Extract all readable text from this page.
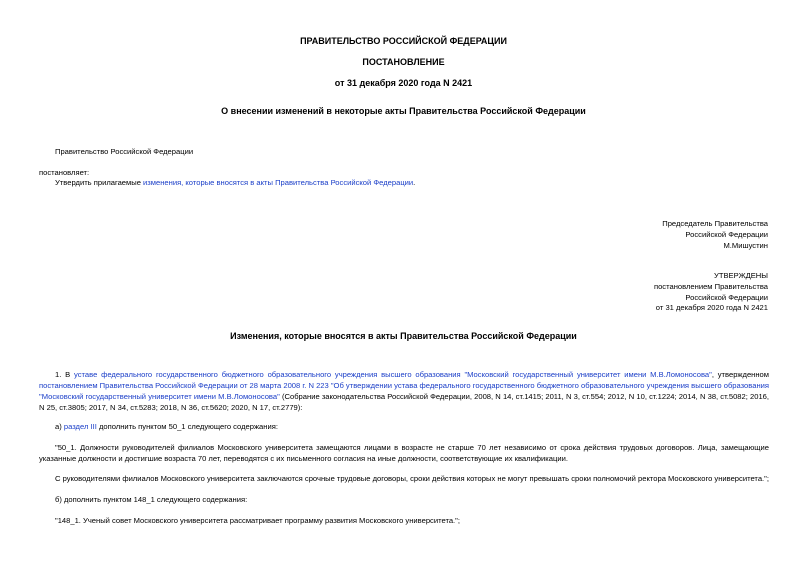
ПРАВИТЕЛЬСТВО РОССИЙСКОЙ ФЕДЕРАЦИИ
ПОСТАНОВЛЕНИЕ
от 31 декабря 2020 года N 2421
О внесении изменений в некоторые акты Правительства Российской Федерации
Правительство Российской Федерации
постановляет:
Утвердить прилагаемые изменения, которые вносятся в акты Правительства Российской Федерации.
Председатель Правительства
Российской Федерации
М.Мишустин
УТВЕРЖДЕНЫ
постановлением Правительства
Российской Федерации
от 31 декабря 2020 года N 2421
Изменения, которые вносятся в акты Правительства Российской Федерации
1. В уставе федерального государственного бюджетного образовательного учреждения высшего образования "Московский государственный университет имени М.В.Ломоносова", утвержденном постановлением Правительства Российской Федерации от 28 марта 2008 г. N 223 "Об утверждении устава федерального государственного бюджетного образовательного учреждения высшего образования "Московский государственный университет имени М.В.Ломоносова" (Собрание законодательства Российской Федерации, 2008, N 14, ст.1415; 2011, N 3, ст.554; 2012, N 10, ст.1224; 2014, N 38, ст.5082; 2016, N 25, ст.3805; 2017, N 34, ст.5283; 2018, N 36, ст.5620; 2020, N 17, ст.2779):
а) раздел III дополнить пунктом 50_1 следующего содержания:
"50_1. Должности руководителей филиалов Московского университета замещаются лицами в возрасте не старше 70 лет независимо от срока действия трудовых договоров. Лица, замещающие указанные должности и достигшие возраста 70 лет, переводятся с их письменного согласия на иные должности, соответствующие их квалификации.
С руководителями филиалов Московского университета заключаются срочные трудовые договоры, сроки действия которых не могут превышать сроки полномочий ректора Московского университета.";
б) дополнить пунктом 148_1 следующего содержания:
"148_1. Ученый совет Московского университета рассматривает программу развития Московского университета.";
